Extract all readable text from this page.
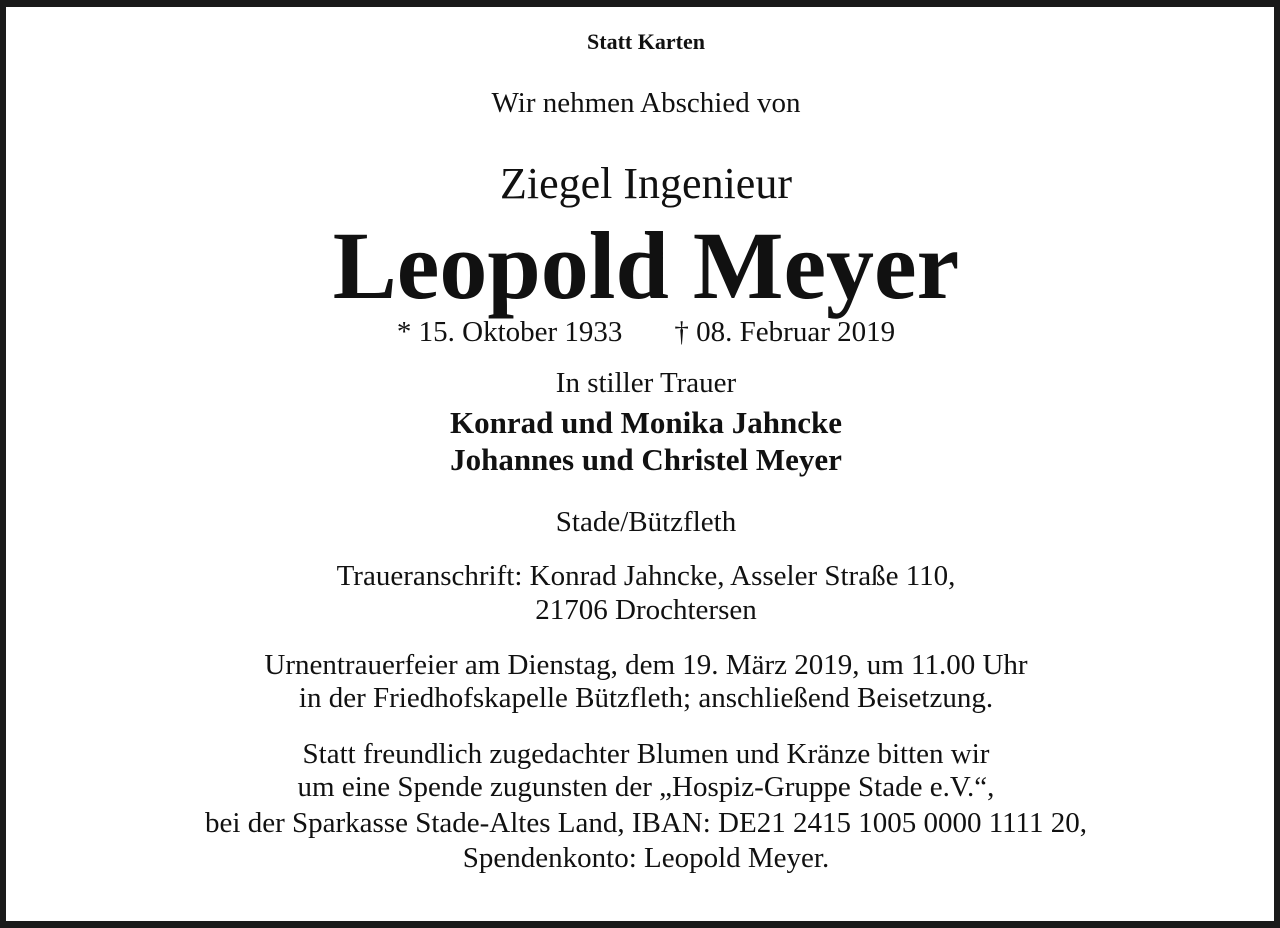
Statt Karten
Wir nehmen Abschied von
Ziegel Ingenieur
Leopold Meyer
* 15. Oktober 1933 † 08. Februar 2019
In stiller Trauer
Konrad und Monika Jahncke
Johannes und Christel Meyer
Stade/Bützfleth
Traueranschrift: Konrad Jahncke, Asseler Straße 110,
21706 Drochtersen
Urnentrauerfeier am Dienstag, dem 19. März 2019, um 11.00 Uhr
in der Friedhofskapelle Bützfleth; anschließend Beisetzung.
Statt freundlich zugedachter Blumen und Kränze bitten wir
um eine Spende zugunsten der „Hospiz-Gruppe Stade e.V.“,
bei der Sparkasse Stade-Altes Land, IBAN: DE21 2415 1005 0000 1111 20,
Spendenkonto: Leopold Meyer.
